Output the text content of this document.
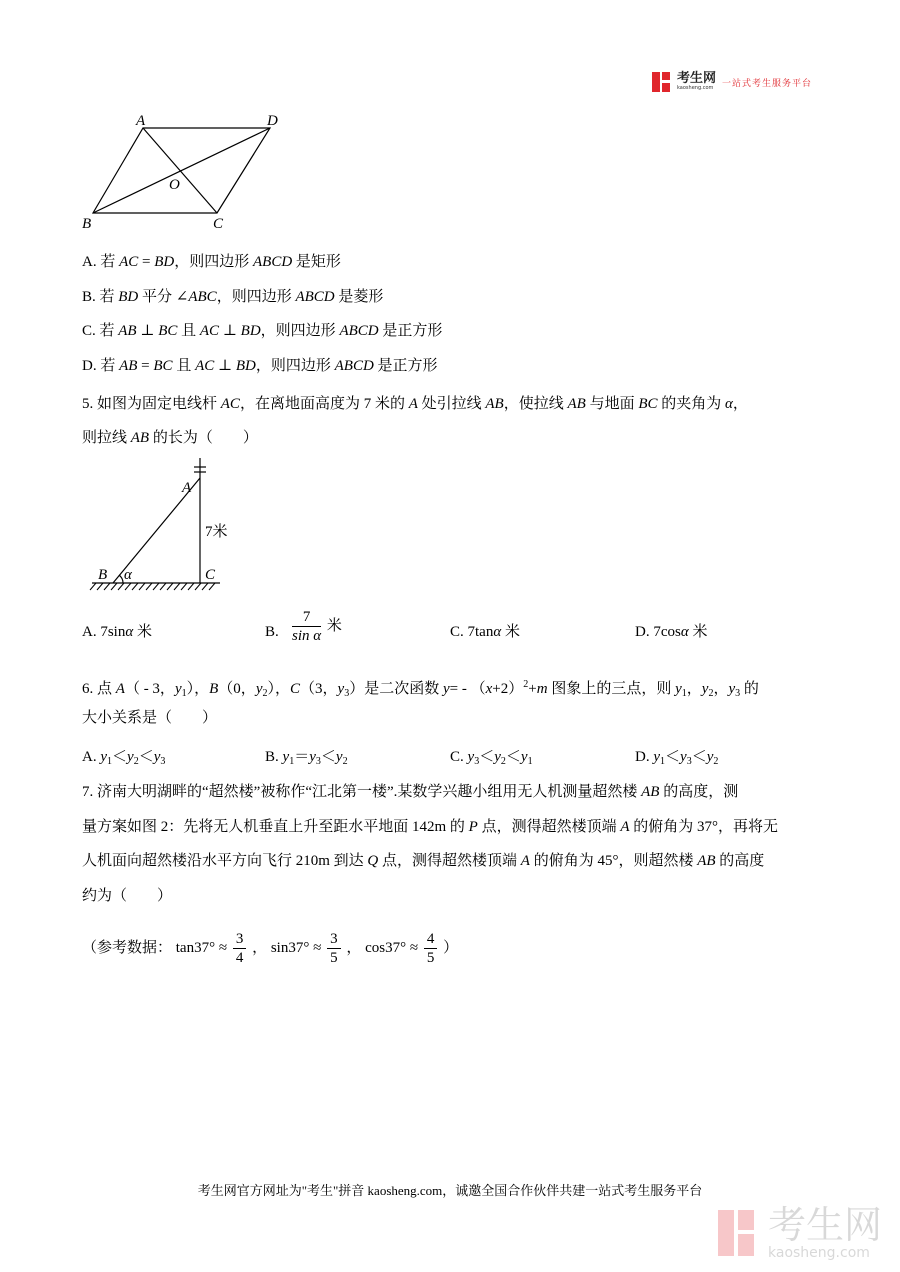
考生网
kaosheng.com 一站式考生服务平台
A	D
O
B	C
A. 若 AC = BD，则四边形 ABCD 是矩形
B. 若 BD 平分 ∠ABC，则四边形 ABCD 是菱形
C. 若 AB ⊥ BC 且 AC ⊥ BD，则四边形 ABCD 是正方形
D. 若 AB = BC 且 AC ⊥ BD，则四边形 ABCD 是正方形
5. 如图为固定电线杆 AC，在离地面高度为 7 米的 A 处引拉线 AB，使拉线 AB 与地面 BC 的夹角为 α，
则拉线 AB 的长为（　　）
A
7米
B α	C
A. 7sinα 米	B.	C. 7tanα 米	D. 7cosα 米
$\frac{7}{\text{sin α}}$ 米
6. 点 A（ - 3，$y_1$），B（0，$y_2$），C（3，$y_3$）是二次函数 $y= - (x+2)^2+m$ 图象上的三点，则 $y_1$，$y_2$，$y_3$ 的
大小关系是（　　）
A. $y_1<y_2<y_3$	B. $y_1=y_3<y_2$	C. $y_3<y_2<y_1$	D. $y_1<y_3<y_2$
7. 济南大明湖畔的“超然楼”被称作“江北第一楼”.某数学兴趣小组用无人机测量超然楼 AB 的高度，测
量方案如图 2：先将无人机垂直上升至距水平地面 142m 的 P 点，测得超然楼顶端 A 的俯角为 37°，再将无
人机面向超然楼沿水平方向飞行 210m 到达 Q 点，测得超然楼顶端 A 的俯角为 45°，则超然楼 AB 的高度
约为（　　）
（参考数据： $\tan 37^\circ \approx \frac{3}{4}$ ， $\sin 37^\circ \approx \frac{3}{5}$ ， $\cos 37^\circ \approx \frac{4}{5}$ ）
考生网官方网址为"考生"拼音 kaosheng.com，诚邀全国合作伙伴共建一站式考生服务平台
考生网
kaosheng.com
